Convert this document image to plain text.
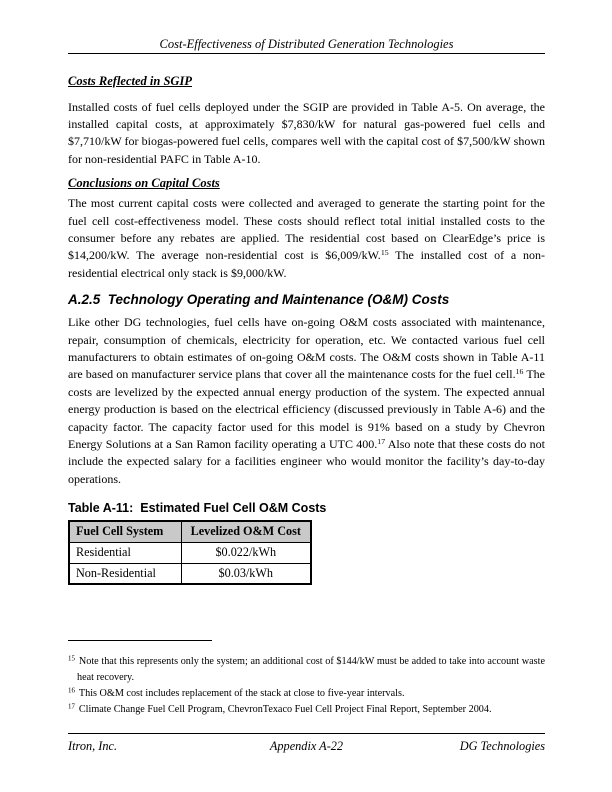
Cost-Effectiveness of Distributed Generation Technologies
Costs Reflected in SGIP

Installed costs of fuel cells deployed under the SGIP are provided in Table A-5. On average, the installed capital costs, at approximately $7,830/kW for natural gas-powered fuel cells and $7,710/kW for biogas-powered fuel cells, compares well with the capital cost of $7,500/kW shown for non-residential PAFC in Table A-10.

Conclusions on Capital Costs

The most current capital costs were collected and averaged to generate the starting point for the fuel cell cost-effectiveness model. These costs should reflect total initial installed costs to the consumer before any rebates are applied. The residential cost based on ClearEdge’s price is $14,200/kW. The average non-residential cost is $6,009/kW.$^{15}$ The installed cost of a non-residential electrical only stack is $9,000/kW.

A.2.5  Technology Operating and Maintenance (O&M) Costs

Like other DG technologies, fuel cells have on-going O&M costs associated with maintenance, repair, consumption of chemicals, electricity for operation, etc. We contacted various fuel cell manufacturers to obtain estimates of on-going O&M costs. The O&M costs shown in Table A-11 are based on manufacturer service plans that cover all the maintenance costs for the fuel cell.$^{16}$ The costs are levelized by the expected annual energy production of the system. The expected annual energy production is based on the electrical efficiency (discussed previously in Table A-6) and the capacity factor. The capacity factor used for this model is 91% based on a study by Chevron Energy Solutions at a San Ramon facility operating a UTC 400.17 Also note that these costs do not include the expected salary for a facilities engineer who would monitor the facility’s day-to-day operations.

Table A-11:  Estimated Fuel Cell O&M Costs
Fuel Cell System	Levelized O&M Cost
Residential	$0.022/kWh
Non-Residential	$0.03/kWh
$^{15}$ Note that this represents only the system; an additional cost of $144/kW must be added to take into account waste heat recovery.
$^{16}$ This O&M cost includes replacement of the stack at close to five-year intervals.
$^{17}$ Climate Change Fuel Cell Program, ChevronTexaco Fuel Cell Project Final Report, September 2004.
Itron, Inc.	Appendix A-22	DG Technologies
